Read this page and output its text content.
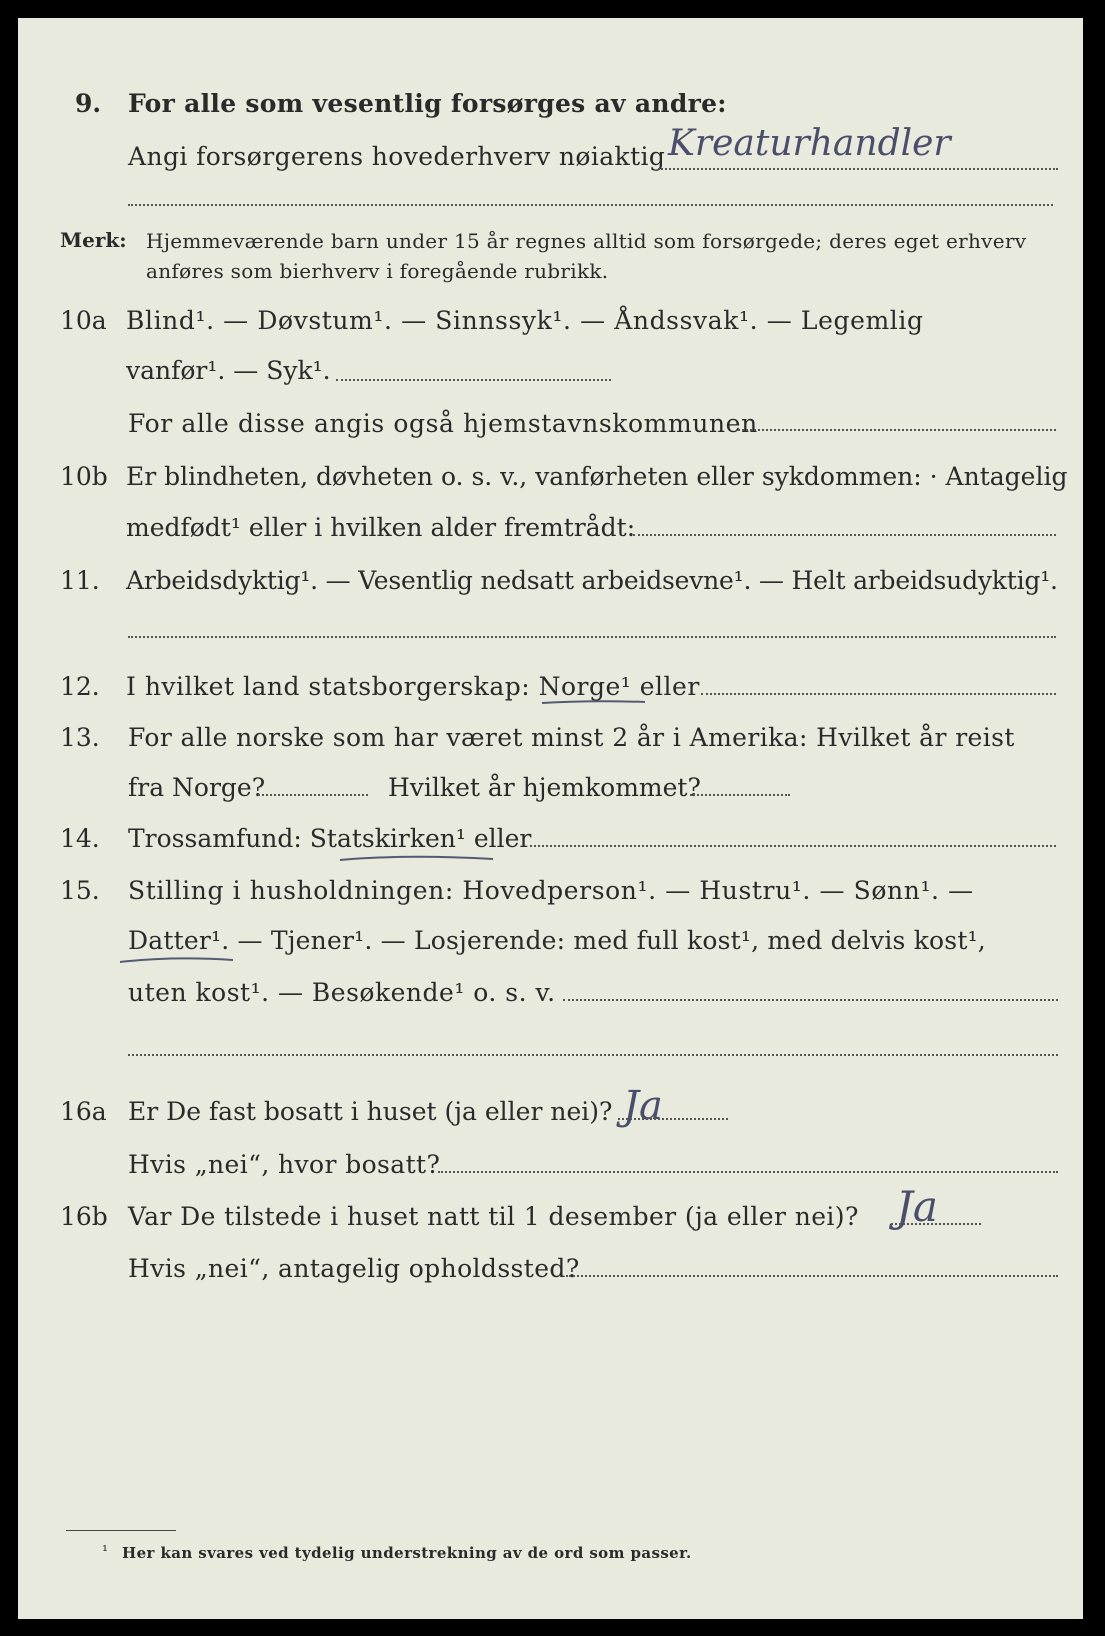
9. For alle som vesentlig forsørges av andre:
Angi forsørgerens hovederhverv nøiaktig Kreaturhandler
Merk: Hjemmeværende barn under 15 år regnes alltid som forsørgede; deres eget erhverv
anføres som bierhverv i foregående rubrikk.
10a Blind¹. — Døvstum¹. — Sinnssyk¹. — Åndssvak¹. — Legemlig
vanfør¹. — Syk¹.
For alle disse angis også hjemstavnskommunen
10b Er blindheten, døvheten o. s. v., vanførheten eller sykdommen: · Antagelig
medfødt¹ eller i hvilken alder fremtrådt:
11. Arbeidsdyktig¹. — Vesentlig nedsatt arbeidsevne¹. — Helt arbeidsudyktig¹.
12. I hvilket land statsborgerskap: Norge¹ eller
13. For alle norske som har været minst 2 år i Amerika: Hvilket år reist
fra Norge?	Hvilket år hjemkommet?
14. Trossamfund: Statskirken¹ eller
15. Stilling i husholdningen: Hovedperson¹. — Hustru¹. — Sønn¹. —
Datter¹. — Tjener¹. — Losjerende: med full kost¹, med delvis kost¹,
uten kost¹. — Besøkende¹ o. s. v.
16a Er De fast bosatt i huset (ja eller nei)? Ja
Hvis „nei“, hvor bosatt?
16b Var De tilstede i huset natt til 1 desember (ja eller nei)? Ja
Hvis „nei“, antagelig opholdssted?
¹ Her kan svares ved tydelig understrekning av de ord som passer.
